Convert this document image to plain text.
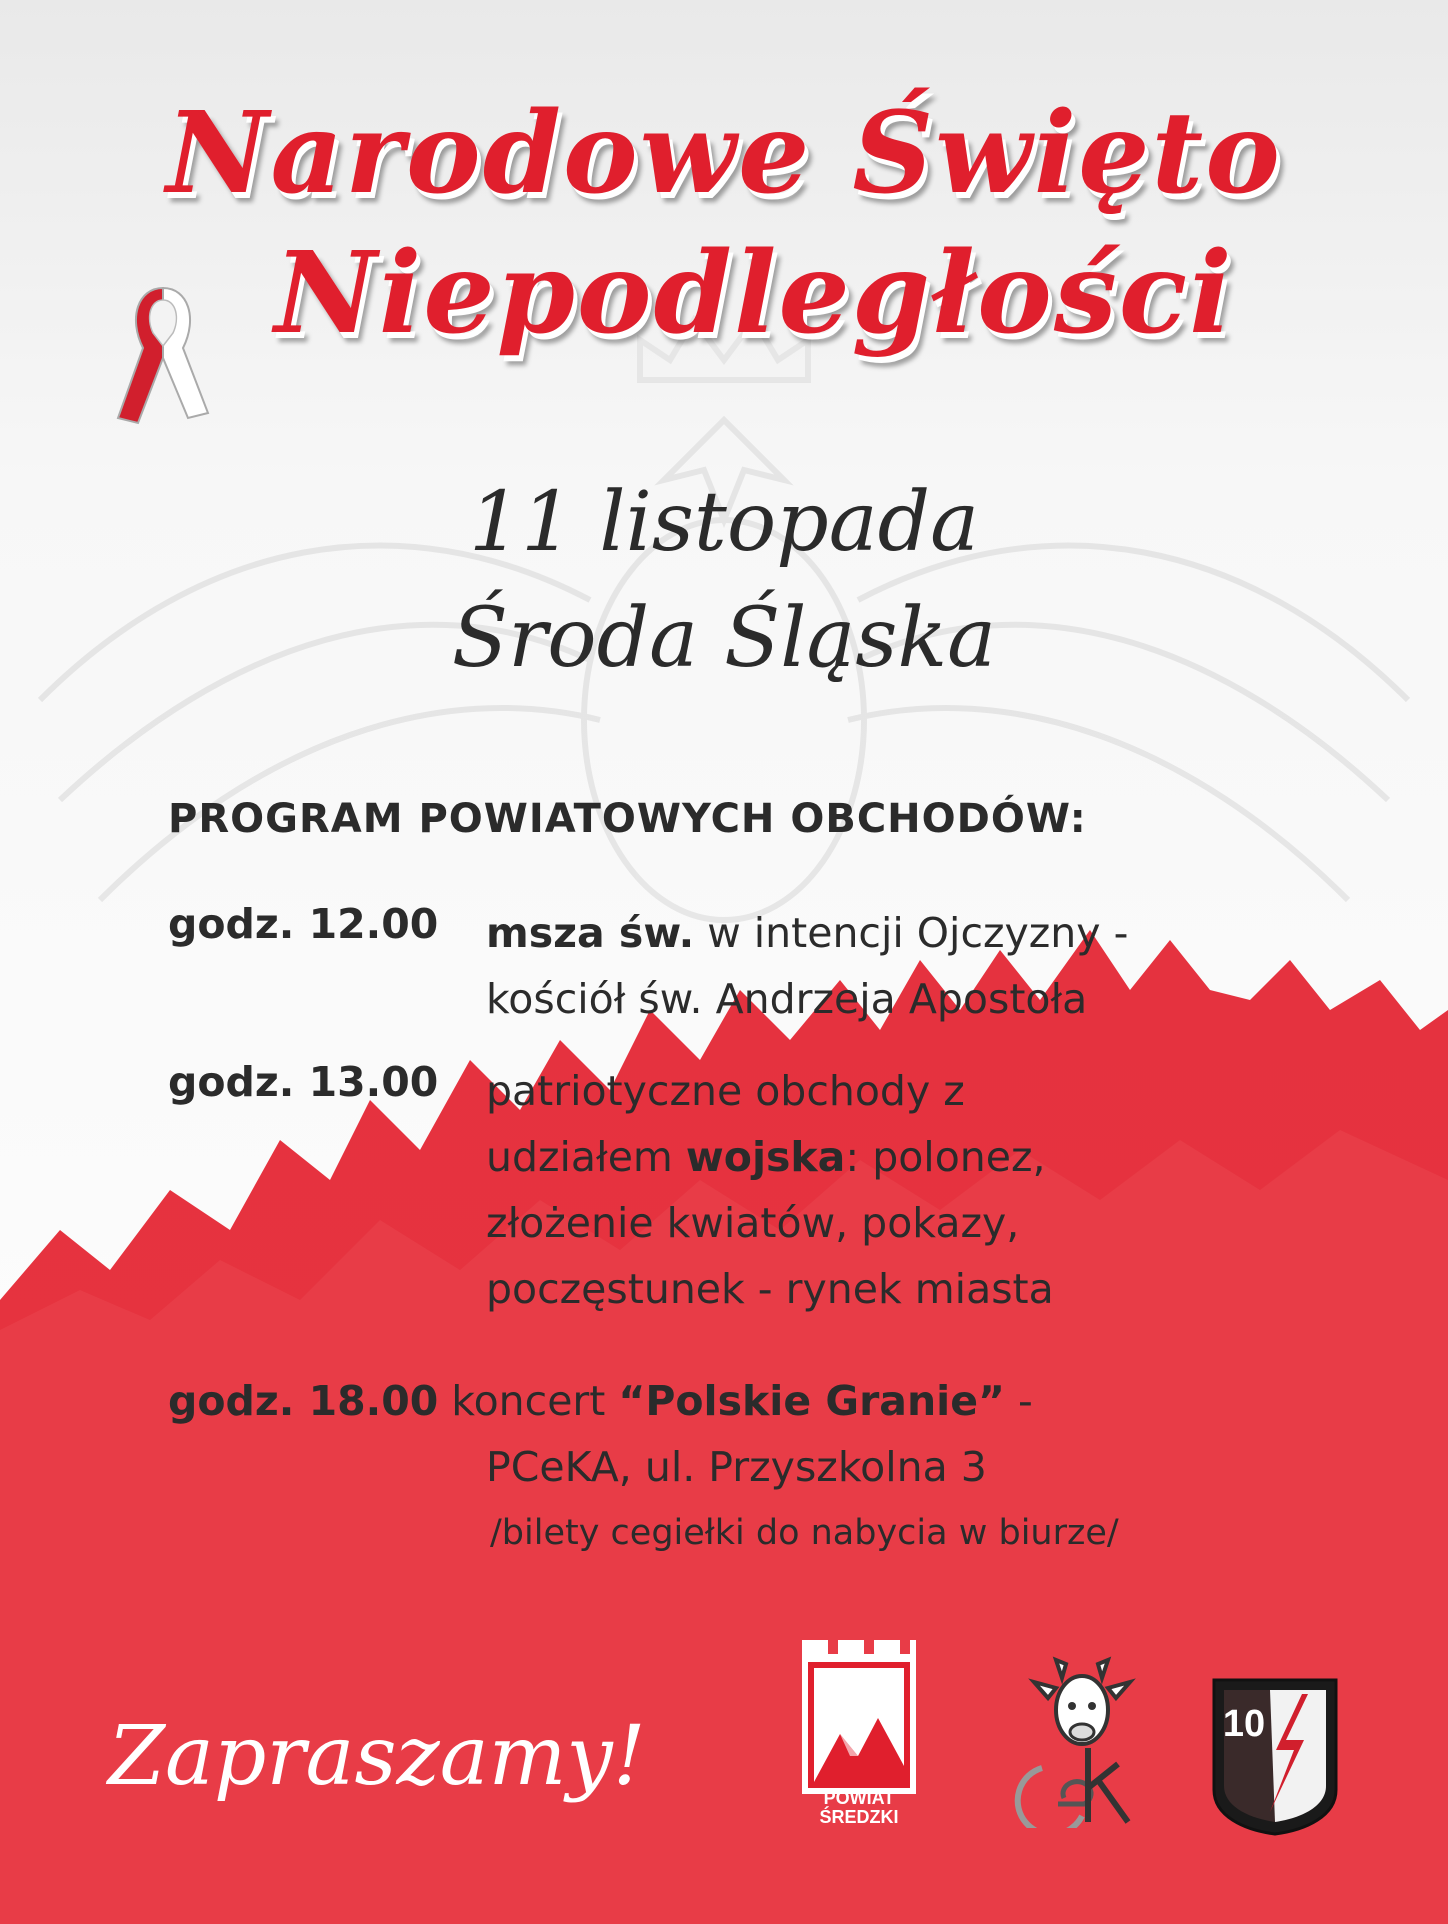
Narodowe Święto
Niepodległości
11 listopada
Środa Śląska
PROGRAM POWIATOWYCH OBCHODÓW:
godz. 12.00 msza św. w intencji Ojczyzny -
kościół św. Andrzeja Apostoła
godz. 13.00 patriotyczne obchody z
udziałem wojska: polonez,
złożenie kwiatów, pokazy,
poczęstunek - rynek miasta
godz. 18.00 koncert “Polskie Granie” -
PCeKA, ul. Przyszkolna 3
/bilety cegiełki do nabycia w biurze/
Zapraszamy!	POWIAT
ŚREDZKI
10
